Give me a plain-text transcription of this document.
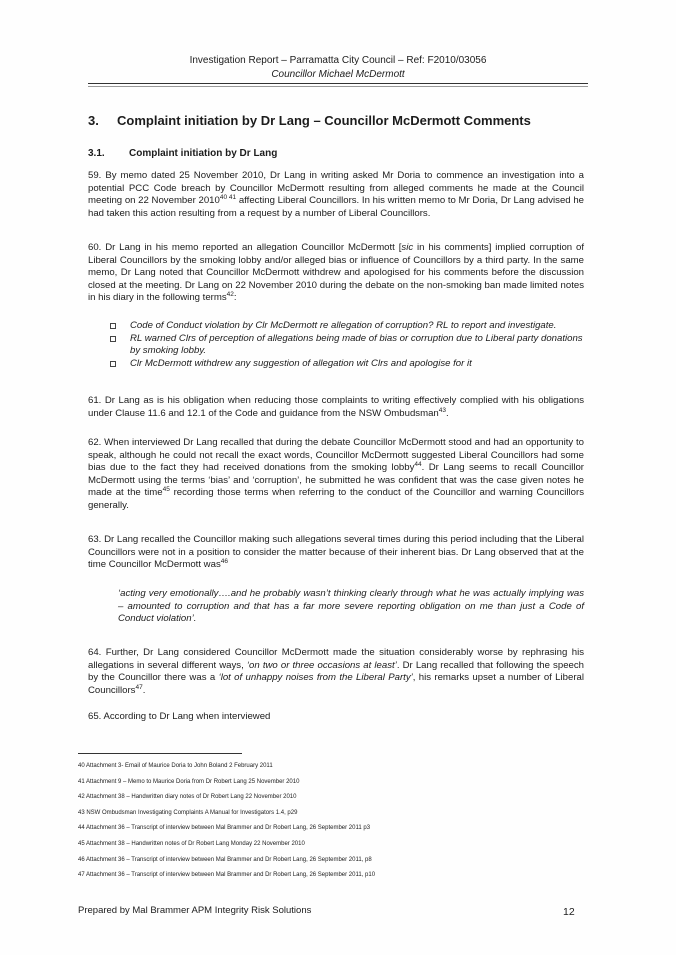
Investigation Report – Parramatta City Council – Ref: F2010/03056
Councillor Michael McDermott
3. Complaint initiation by Dr Lang – Councillor McDermott Comments
3.1. Complaint initiation by Dr Lang

59. By memo dated 25 November 2010, Dr Lang in writing asked Mr Doria to commence an investigation into a potential PCC Code breach by Councillor McDermott resulting from alleged comments he made at the Council meeting on 22 November $2010^{40 41}$ affecting Liberal Councillors. In his written memo to Mr Doria, Dr Lang advised he had taken this action resulting from a request by a number of Liberal Councillors.

60. Dr Lang in his memo reported an allegation Councillor McDermott [sic in his comments] implied corruption of Liberal Councillors by the smoking lobby and/or alleged bias or influence of Councillors by a third party. In the same memo, Dr Lang noted that Councillor McDermott withdrew and apologised for his comments before the discussion closed at the meeting. Dr Lang on 22 November 2010 during the debate on the non-smoking ban made limited notes in his diary in the following terms$^{42}$:

Code of Conduct violation by Clr McDermott re allegation of corruption? RL to report and investigate.
RL warned Clrs of perception of allegations being made of bias or corruption due to Liberal party donations by smoking lobby.
Clr McDermott withdrew any suggestion of allegation wit Clrs and apologise for it

61. Dr Lang as is his obligation when reducing those complaints to writing effectively complied with his obligations under Clause 11.6 and 12.1 of the Code and guidance from the NSW Ombudsman$^{43}$.

62. When interviewed Dr Lang recalled that during the debate Councillor McDermott stood and had an opportunity to speak, although he could not recall the exact words, Councillor McDermott suggested Liberal Councillors had some bias due to the fact they had received donations from the smoking lobby$^{44}$. Dr Lang seems to recall Councillor McDermott using the terms ‘bias’ and ‘corruption’, he submitted he was confident that was the case given notes he made at the time$^{45}$ recording those terms when referring to the conduct of the Councillor and warning Councillors generally.

63. Dr Lang recalled the Councillor making such allegations several times during this period including that the Liberal Councillors were not in a position to consider the matter because of their inherent bias. Dr Lang observed that at the time Councillor McDermott was$^{46}$

‘acting very emotionally….and he probably wasn’t thinking clearly through what he was actually implying was – amounted to corruption and that has a far more severe reporting obligation on me than just a Code of Conduct violation’.

64. Further, Dr Lang considered Councillor McDermott made the situation considerably worse by rephrasing his allegations in several different ways, ‘on two or three occasions at least’. Dr Lang recalled that following the speech by the Councillor there was a ‘lot of unhappy noises from the Liberal Party’, his remarks upset a number of Liberal Councillors$^{47}$.

65. According to Dr Lang when interviewed

40 Attachment 3- Email of Maurice Doria to John Boland 2 February 2011
41 Attachment 9 – Memo to Maurice Doria from Dr Robert Lang 25 November 2010
42 Attachment 38 – Handwritten diary notes of Dr Robert Lang 22 November 2010
43 NSW Ombudsman Investigating Complaints A Manual for Investigators 1.4, p29
44 Attachment 36 – Transcript of interview between Mal Brammer and Dr Robert Lang, 26 September 2011 p3
45 Attachment 38 – Handwritten notes of Dr Robert Lang Monday 22 November 2010
46 Attachment 36 – Transcript of interview between Mal Brammer and Dr Robert Lang, 26 September 2011, p8
47 Attachment 36 – Transcript of interview between Mal Brammer and Dr Robert Lang, 26 September 2011, p10
Prepared by Mal Brammer APM Integrity Risk Solutions	12
